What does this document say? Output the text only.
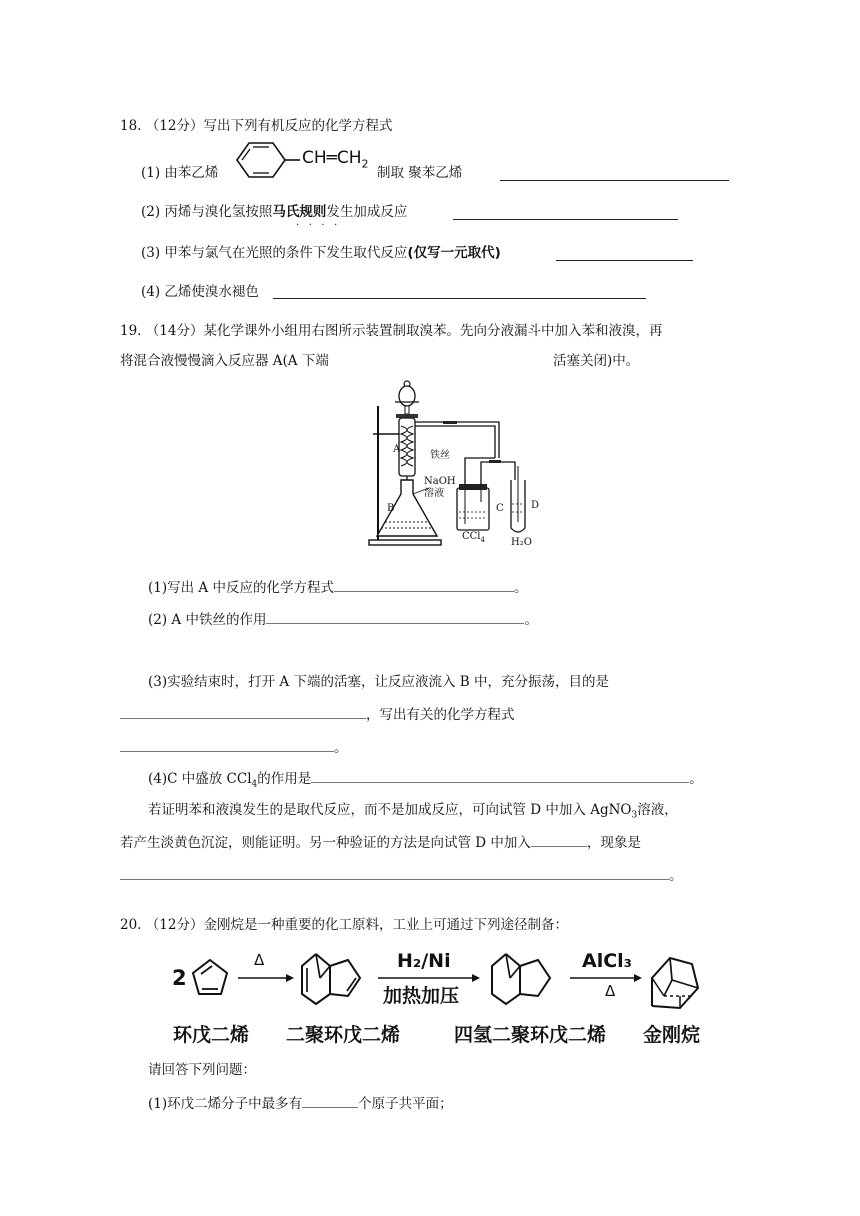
18. （12分）写出下列有机反应的化学方程式
(1) 由苯乙烯
$CH═CH_2$
制取 聚苯乙烯
(2) 丙烯与溴化氢按照马氏规则发生加成反应
·   ·   ·   ·
(3) 甲苯与氯气在光照的条件下发生取代反应(仅写一元取代)
(4) 乙烯使溴水褪色
19. （14分）某化学课外小组用右图所示装置制取溴苯。先向分液漏斗中加入苯和液溴，再
将混合液慢慢滴入反应器 A(A 下端	活塞关闭)中。
A
铁丝
NaOH
溶液
B	C	D
CCl$_4$	H₂O
(1)写出 A 中反应的化学方程式	。
(2) A 中铁丝的作用	。
(3)实验结束时，打开 A 下端的活塞，让反应液流入 B 中，充分振荡，目的是
，写出有关的化学方程式
。
(4)C 中盛放 CCl$_4$的作用是	。
若证明苯和液溴发生的是取代反应，而不是加成反应，可向试管 D 中加入 AgNO$_3$溶液，
若产生淡黄色沉淀，则能证明。另一种验证的方法是向试管 D 中加入	，现象是
。
20. （12分）金刚烷是一种重要的化工原料，工业上可通过下列途径制备：
2
Δ	H₂/Ni
加热加压
AlCl₃
Δ
环戊二烯 二聚环戊二烯	四氢二聚环戊二烯 金刚烷
请回答下列问题：
(1)环戊二烯分子中最多有	个原子共平面；
